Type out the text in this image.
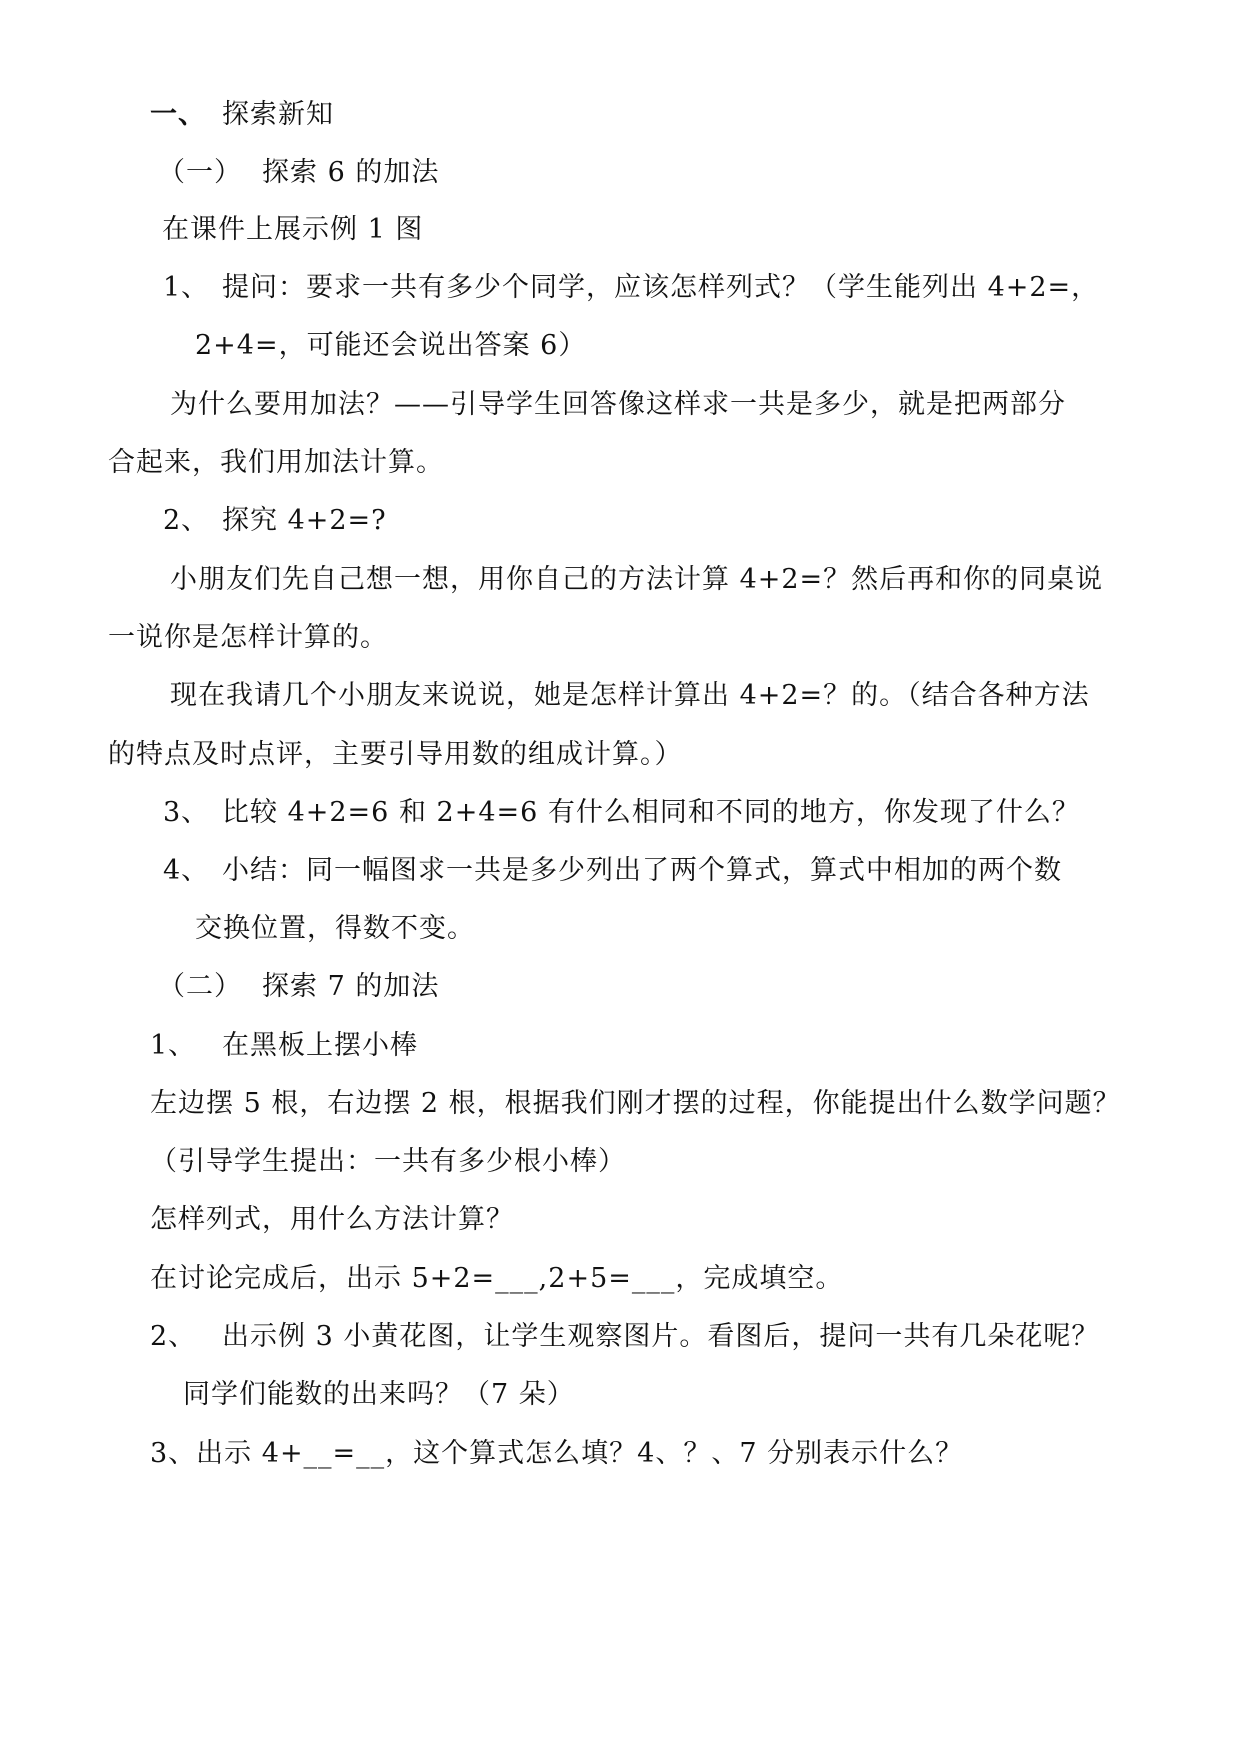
一、 探索新知
（一） 探索 6 的加法
在课件上展示例 1 图
1、 提问：要求一共有多少个同学，应该怎样列式？（学生能列出 4+2=，
2+4=，可能还会说出答案 6）
为什么要用加法？——引导学生回答像这样求一共是多少，就是把两部分
合起来，我们用加法计算。
2、 探究 4+2=?
小朋友们先自己想一想，用你自己的方法计算 4+2=？然后再和你的同桌说
一说你是怎样计算的。
现在我请几个小朋友来说说，她是怎样计算出 4+2=？的。（结合各种方法
的特点及时点评，主要引导用数的组成计算。）
3、 比较 4+2=6 和 2+4=6 有什么相同和不同的地方，你发现了什么？
4、 小结：同一幅图求一共是多少列出了两个算式，算式中相加的两个数
交换位置，得数不变。
（二） 探索 7 的加法
1、 在黑板上摆小棒
左边摆 5 根，右边摆 2 根，根据我们刚才摆的过程，你能提出什么数学问题？
（引导学生提出：一共有多少根小棒）
怎样列式，用什么方法计算？
在讨论完成后，出示 5+2=___,2+5=___，完成填空。
2、 出示例 3 小黄花图，让学生观察图片。看图后，提问一共有几朵花呢？
同学们能数的出来吗？（7 朵）
3、出示 4+__=__，这个算式怎么填？4、？、7 分别表示什么？
